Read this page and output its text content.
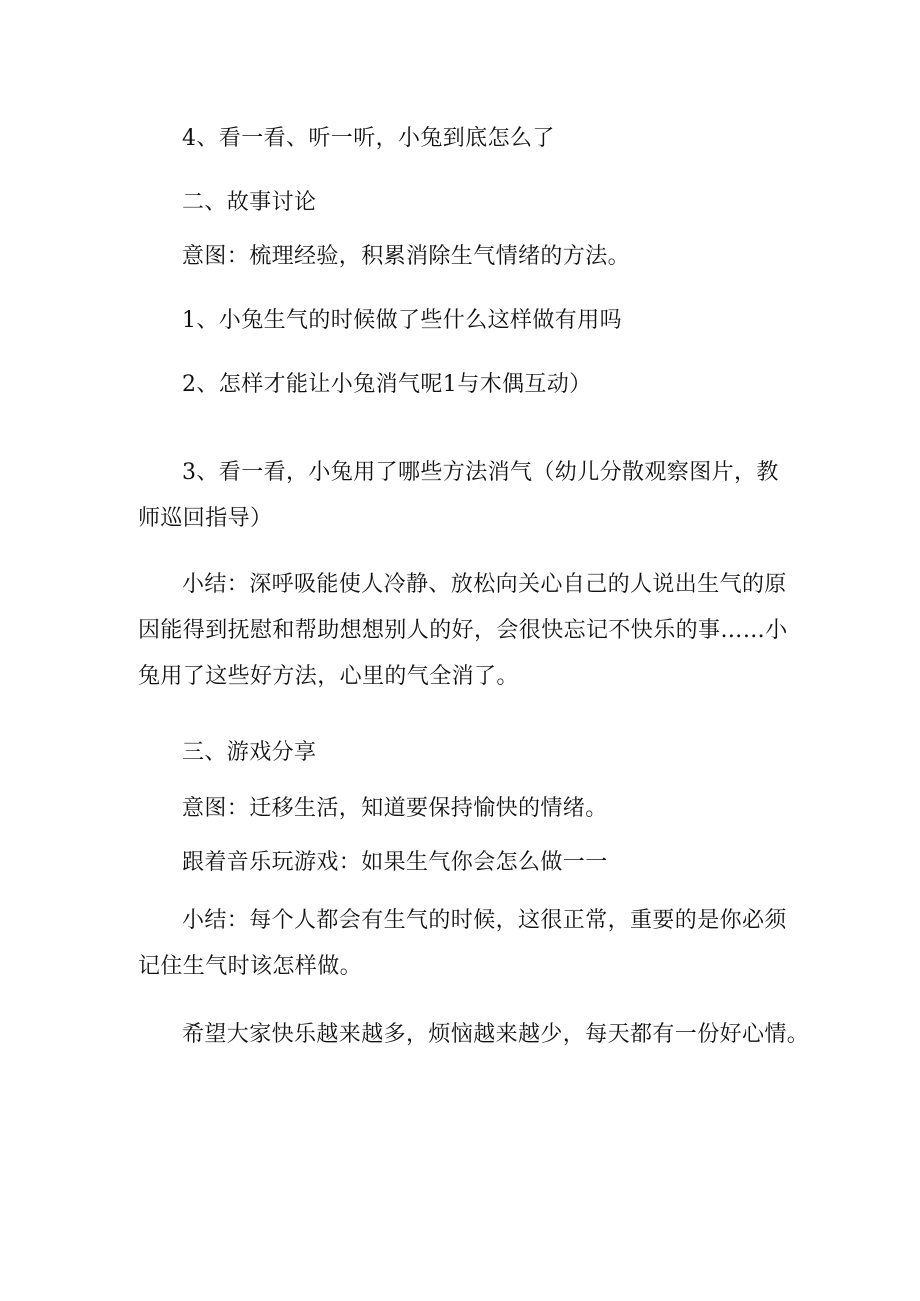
4、看一看、听一听，小兔到底怎么了

二、故事讨论

意图：梳理经验，积累消除生气情绪的方法。

1、小兔生气的时候做了些什么这样做有用吗

2、怎样才能让小兔消气呢1与木偶互动）

3、看一看，小兔用了哪些方法消气（幼儿分散观察图片，教师巡回指导）

小结：深呼吸能使人冷静、放松向关心自己的人说出生气的原因能得到抚慰和帮助想想别人的好，会很快忘记不快乐的事……小兔用了这些好方法，心里的气全消了。

三、游戏分享

意图：迁移生活，知道要保持愉快的情绪。

跟着音乐玩游戏：如果生气你会怎么做一一

小结：每个人都会有生气的时候，这很正常，重要的是你必须记住生气时该怎样做。

希望大家快乐越来越多，烦恼越来越少，每天都有一份好心情。
